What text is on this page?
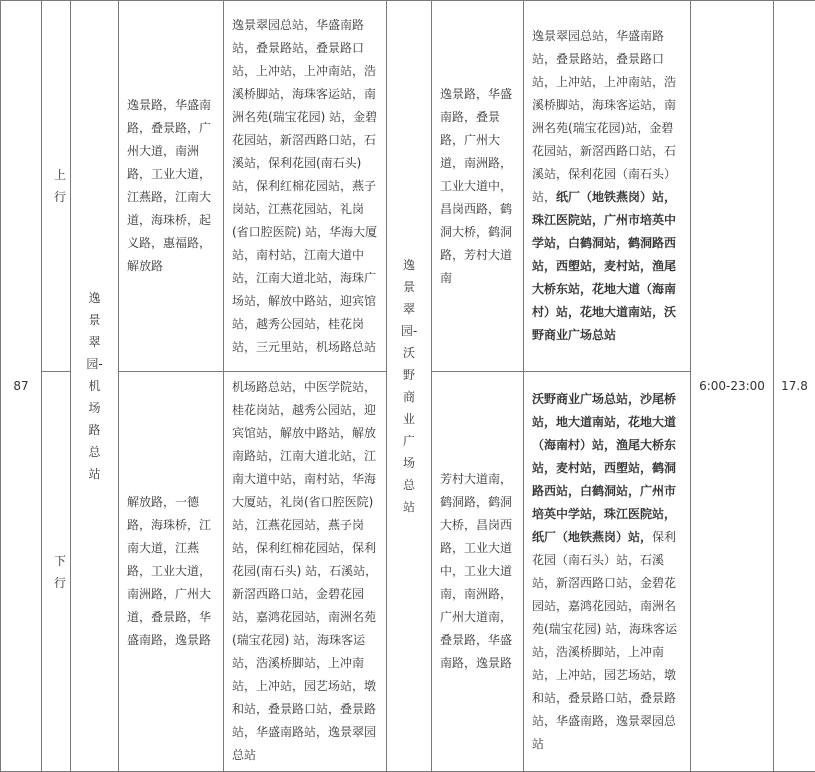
87	上行	逸景翠园-机场路总站	逸景路，华盛南路，叠景路，广州大道，南洲路，工业大道，江燕路，江南大道，海珠桥，起义路，惠福路，解放路	逸景翠园总站，华盛南路站，叠景路站，叠景路口站，上冲站，上冲南站，浩溪桥脚站，海珠客运站，南洲名苑(瑞宝花园) 站，金碧花园站，新滘西路口站，石溪站，保利花园(南石头) 站，保利红棉花园站，燕子岗站，江燕花园站，礼岗(省口腔医院) 站，华海大厦站，南村站，江南大道中站，江南大道北站，海珠广场站，解放中路站，迎宾馆站，越秀公园站，桂花岗站，三元里站，机场路总站	逸景翠园-沃野商业广场总站	逸景路，华盛南路，叠景路，广州大道，南洲路，工业大道中，昌岗西路，鹤洞大桥，鹤洞路，芳村大道南	逸景翠园总站，华盛南路站，叠景路站，叠景路口站，上冲站，上冲南站，浩溪桥脚站，海珠客运站，南洲名苑(瑞宝花园)站，金碧花园站，新滘西路口站，石溪站，保利花园（南石头）站，纸厂（地铁燕岗）站，珠江医院站，广州市培英中学站，白鹤洞站，鹤洞路西站，西塱站，麦村站，渔尾大桥东站，花地大道（海南村）站，花地大道南站，沃野商业广场总站	6:00-23:00	17.8
	下行		解放路，一德路，海珠桥，江南大道，江燕路，工业大道，南洲路，广州大道，叠景路，华盛南路，逸景路	机场路总站，中医学院站，桂花岗站，越秀公园站，迎宾馆站，解放中路站，解放南路站，江南大道北站，江南大道中站，南村站，华海大厦站，礼岗(省口腔医院) 站，江燕花园站，燕子岗站，保利红棉花园站，保利花园(南石头) 站，石溪站，新滘西路口站，金碧花园站，嘉鸿花园站，南洲名苑(瑞宝花园) 站，海珠客运站，浩溪桥脚站，上冲南站，上冲站，园艺场站，墩和站，叠景路口站，叠景路站，华盛南路站，逸景翠园总站		芳村大道南，鹤洞路，鹤洞大桥，昌岗西路，工业大道中，工业大道南，南洲路，广州大道南，叠景路，华盛南路，逸景路	沃野商业广场总站，沙尾桥站，地大道南站，花地大道（海南村）站，渔尾大桥东站，麦村站，西塱站，鹤洞路西站，白鹤洞站，广州市培英中学站，珠江医院站，纸厂（地铁燕岗）站，保利花园（南石头）站，石溪站，新滘西路口站，金碧花园站，嘉鸿花园站，南洲名苑(瑞宝花园) 站，海珠客运站，浩溪桥脚站，上冲南站，上冲站，园艺场站，墩和站，叠景路口站，叠景路站，华盛南路，逸景翠园总站		
